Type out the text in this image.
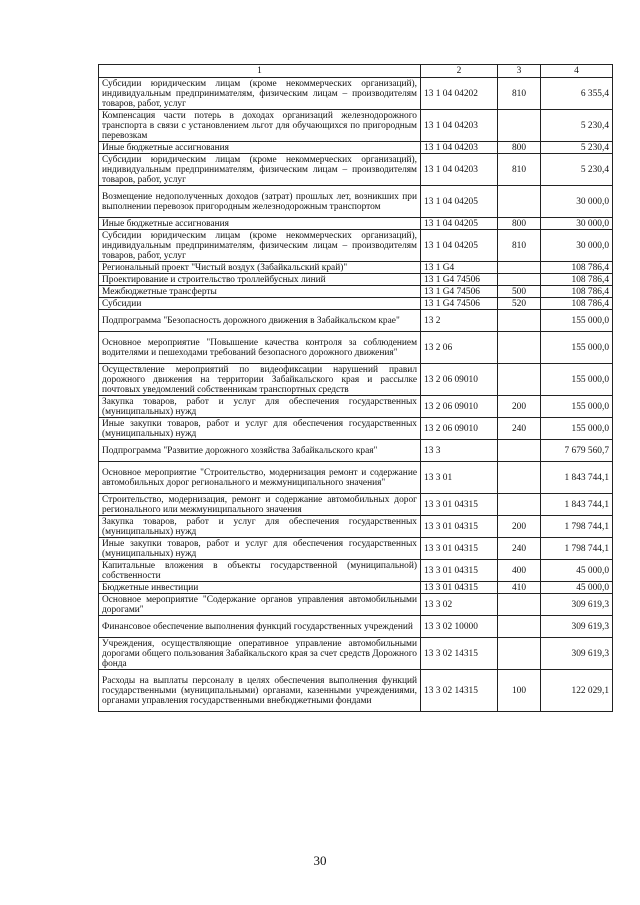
1	2	3	4
Субсидии юридическим лицам (кроме некоммерческих организаций), индивидуальным предпринимателям, физическим лицам – производителям товаров, работ, услуг	13 1 04 04202	810	6 355,4
Компенсация части потерь в доходах организаций железнодорожного транспорта в связи с установлением льгот для обучающихся по пригородным перевозкам	13 1 04 04203		5 230,4
Иные бюджетные ассигнования	13 1 04 04203	800	5 230,4
Субсидии юридическим лицам (кроме некоммерческих организаций), индивидуальным предпринимателям, физическим лицам – производителям товаров, работ, услуг	13 1 04 04203	810	5 230,4
Возмещение недополученных доходов (затрат) прошлых лет, возникших при выполнении перевозок пригородным железнодорожным транспортом	13 1 04 04205		30 000,0
Иные бюджетные ассигнования	13 1 04 04205	800	30 000,0
Субсидии юридическим лицам (кроме некоммерческих организаций), индивидуальным предпринимателям, физическим лицам – производителям товаров, работ, услуг	13 1 04 04205	810	30 000,0
Региональный проект "Чистый воздух (Забайкальский край)"	13 1 G4		108 786,4
Проектирование и строительство троллейбусных линий	13 1 G4 74506		108 786,4
Межбюджетные трансферты	13 1 G4 74506	500	108 786,4
Субсидии	13 1 G4 74506	520	108 786,4
Подпрограмма "Безопасность дорожного движения в Забайкальском крае"	13 2		155 000,0
Основное мероприятие "Повышение качества контроля за соблюдением водителями и пешеходами требований безопасного дорожного движения"	13 2 06		155 000,0
Осуществление мероприятий по видеофиксации нарушений правил дорожного движения на территории Забайкальского края и рассылке почтовых уведомлений собственникам транспортных средств	13 2 06 09010		155 000,0
Закупка товаров, работ и услуг для обеспечения государственных (муниципальных) нужд	13 2 06 09010	200	155 000,0
Иные закупки товаров, работ и услуг для обеспечения государственных (муниципальных) нужд	13 2 06 09010	240	155 000,0
Подпрограмма "Развитие дорожного хозяйства Забайкальского края"	13 3		7 679 560,7
Основное мероприятие "Строительство, модернизация ремонт и содержание автомобильных дорог регионального и межмуниципального значения"	13 3 01		1 843 744,1
Строительство, модернизация, ремонт и содержание автомобильных дорог регионального или межмуниципального значения	13 3 01 04315		1 843 744,1
Закупка товаров, работ и услуг для обеспечения государственных (муниципальных) нужд	13 3 01 04315	200	1 798 744,1
Иные закупки товаров, работ и услуг для обеспечения государственных (муниципальных) нужд	13 3 01 04315	240	1 798 744,1
Капитальные вложения в объекты государственной (муниципальной) собственности	13 3 01 04315	400	45 000,0
Бюджетные инвестиции	13 3 01 04315	410	45 000,0
Основное мероприятие "Содержание органов управления автомобильными дорогами"	13 3 02		309 619,3
Финансовое обеспечение выполнения функций государственных учреждений	13 3 02 10000		309 619,3
Учреждения, осуществляющие оперативное управление автомобильными дорогами общего пользования Забайкальского края за счет средств Дорожного фонда	13 3 02 14315		309 619,3
Расходы на выплаты персоналу в целях обеспечения выполнения функций государственными (муниципальными) органами, казенными учреждениями, органами управления государственными внебюджетными фондами	13 3 02 14315	100	122 029,1
30
